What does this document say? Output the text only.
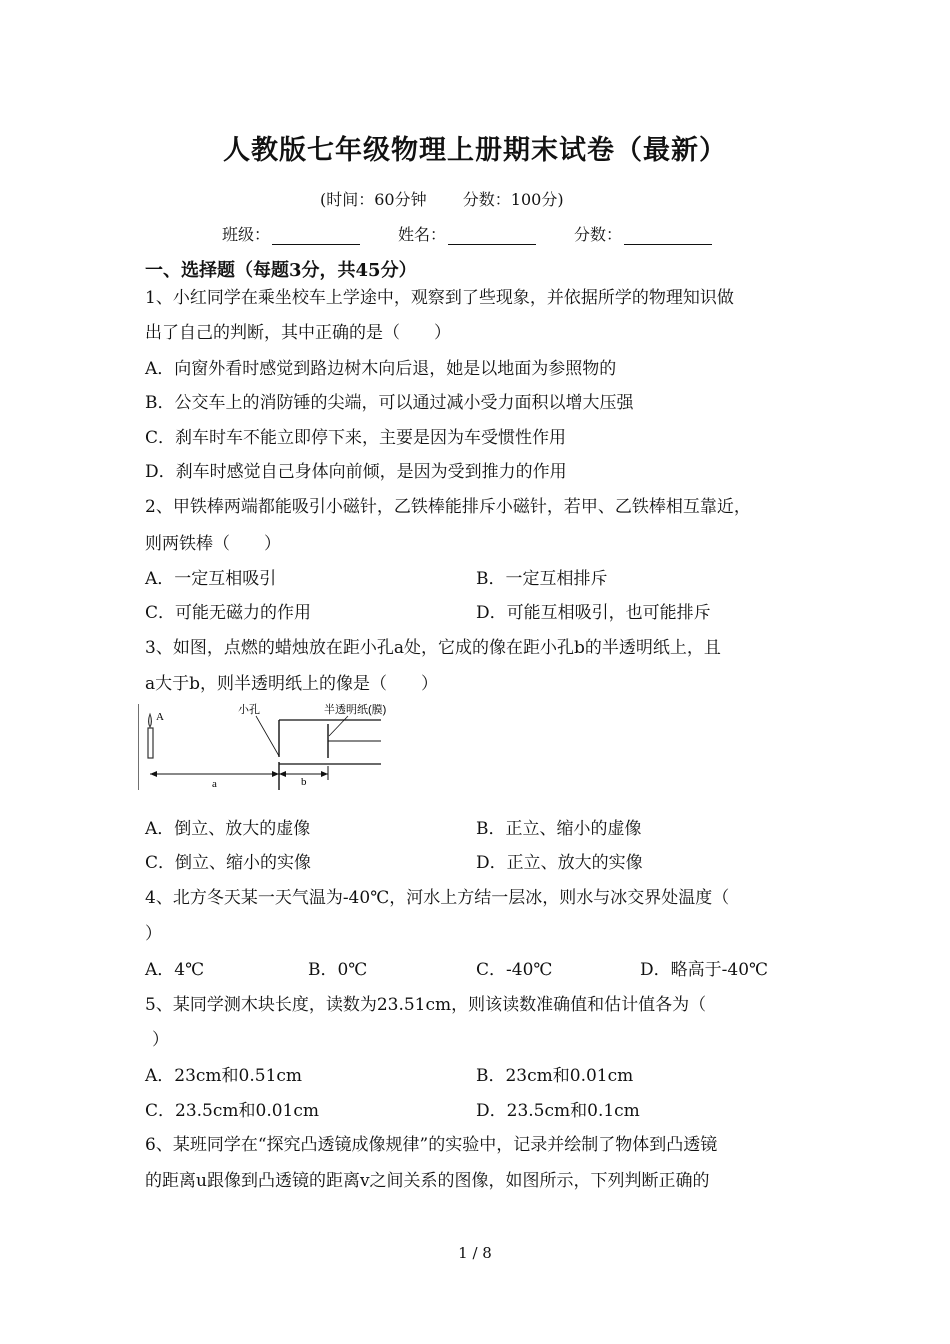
人教版七年级物理上册期末试卷（最新）
(时间：60分钟 分数：100分)
班级：	姓名：	分数：
一、选择题（每题3分，共45分）
1、小红同学在乘坐校车上学途中，观察到了些现象，并依据所学的物理知识做
出了自己的判断，其中正确的是（　　）
A．向窗外看时感觉到路边树木向后退，她是以地面为参照物的
B．公交车上的消防锤的尖端，可以通过减小受力面积以增大压强
C．刹车时车不能立即停下来，主要是因为车受惯性作用
D．刹车时感觉自己身体向前倾，是因为受到推力的作用
2、甲铁棒两端都能吸引小磁针，乙铁棒能排斥小磁针，若甲、乙铁棒相互靠近，
则两铁棒（　　）
A．一定互相吸引	B．一定互相排斥
C．可能无磁力的作用	D．可能互相吸引，也可能排斥
3、如图，点燃的蜡烛放在距小孔a处，它成的像在距小孔b的半透明纸上，且
a大于b，则半透明纸上的像是（　　）
A
小孔	半透明纸(膜)
a	b
A．倒立、放大的虚像	B．正立、缩小的虚像
C．倒立、缩小的实像	D．正立、放大的实像
4、北方冬天某一天气温为-40℃，河水上方结一层冰，则水与冰交界处温度（
）
A．4℃	B．0℃	C．-40℃	D．略高于-40℃
5、某同学测木块长度，读数为23.51cm，则该读数准确值和估计值各为（
）
A．23cm和0.51cm	B．23cm和0.01cm
C．23.5cm和0.01cm	D．23.5cm和0.1cm
6、某班同学在“探究凸透镜成像规律”的实验中，记录并绘制了物体到凸透镜
的距离u跟像到凸透镜的距离v之间关系的图像，如图所示，下列判断正确的
1 / 8
